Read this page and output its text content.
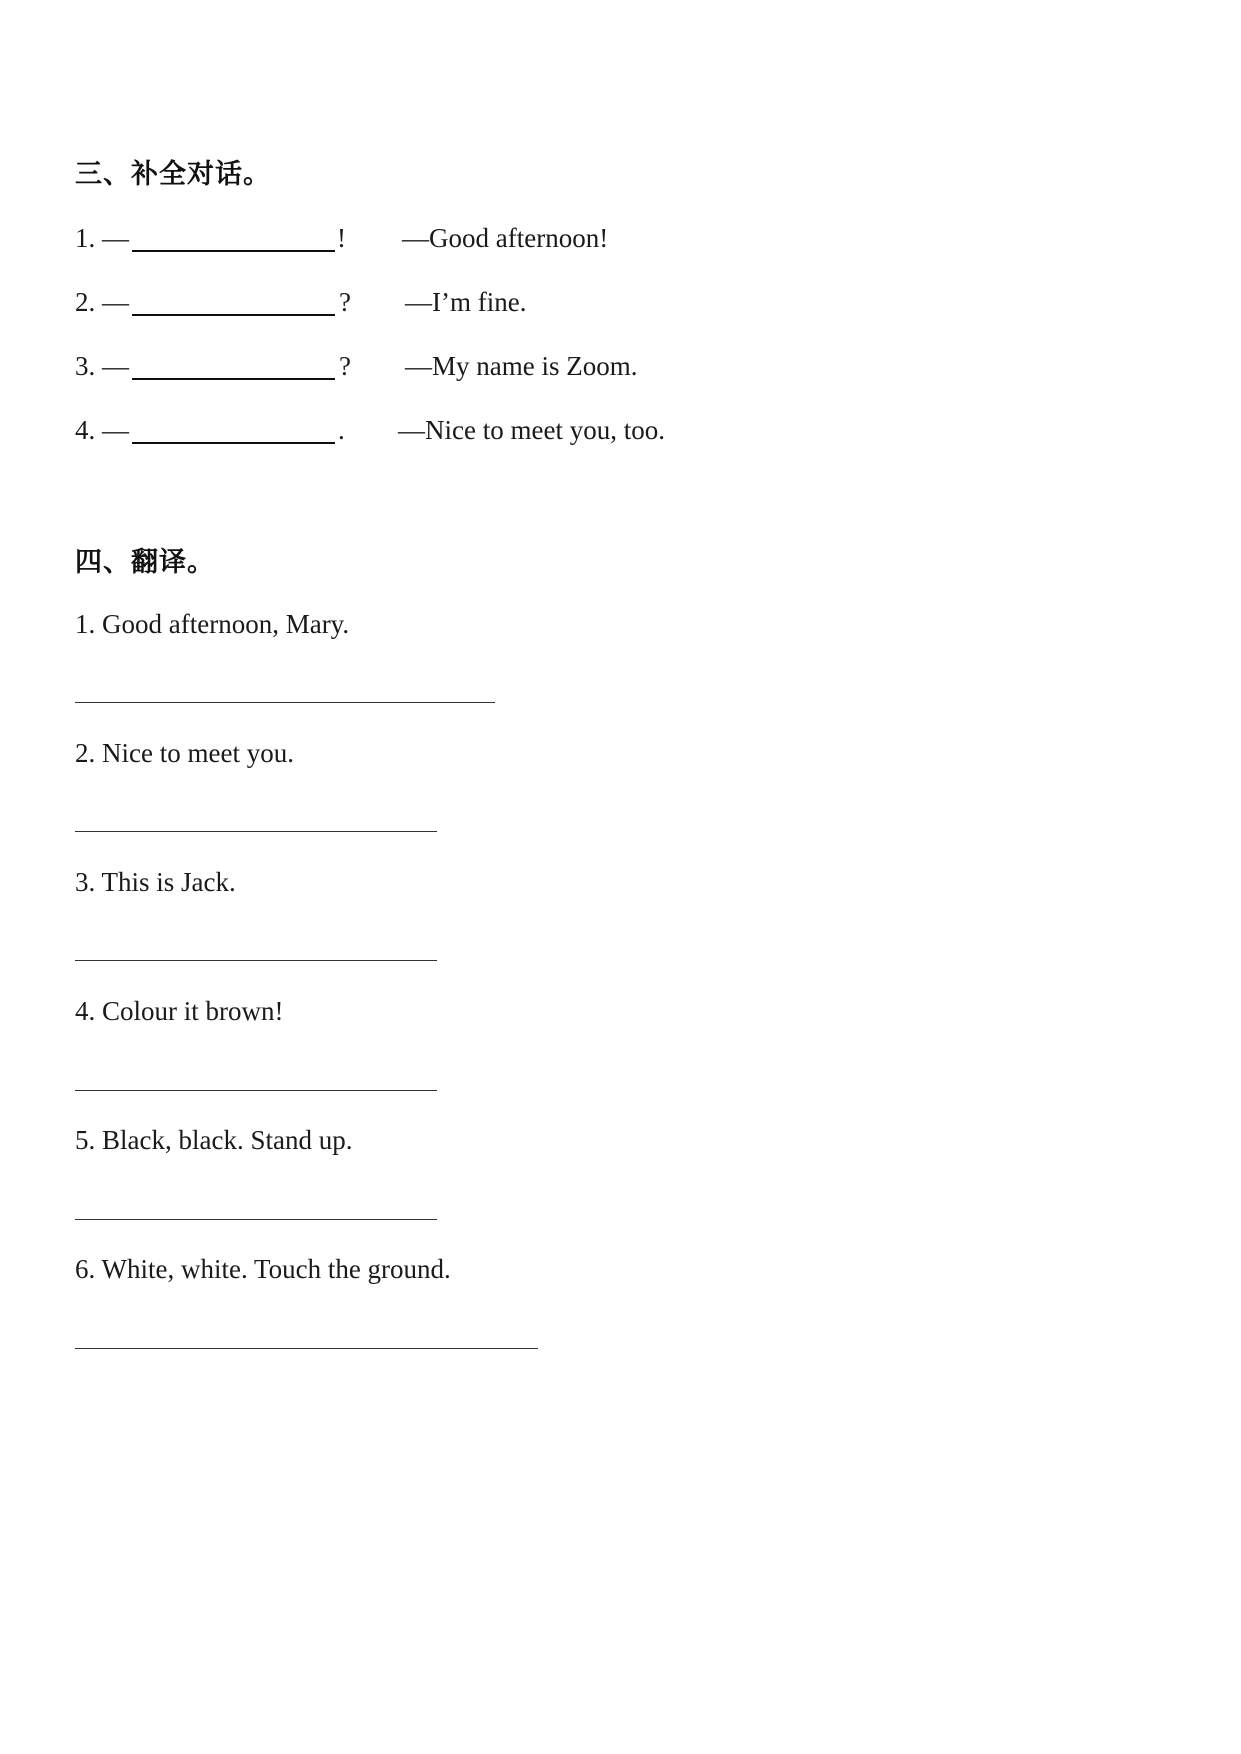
三、补全对话。
1. —	! —Good afternoon!
2. —	? —I’m fine.
3. —	? —My name is Zoom.
4. —	. —Nice to meet you, too.
四、翻译。
1. Good afternoon, Mary.
2. Nice to meet you.
3. This is Jack.
4. Colour it brown!
5. Black, black. Stand up.
6. White, white. Touch the ground.
